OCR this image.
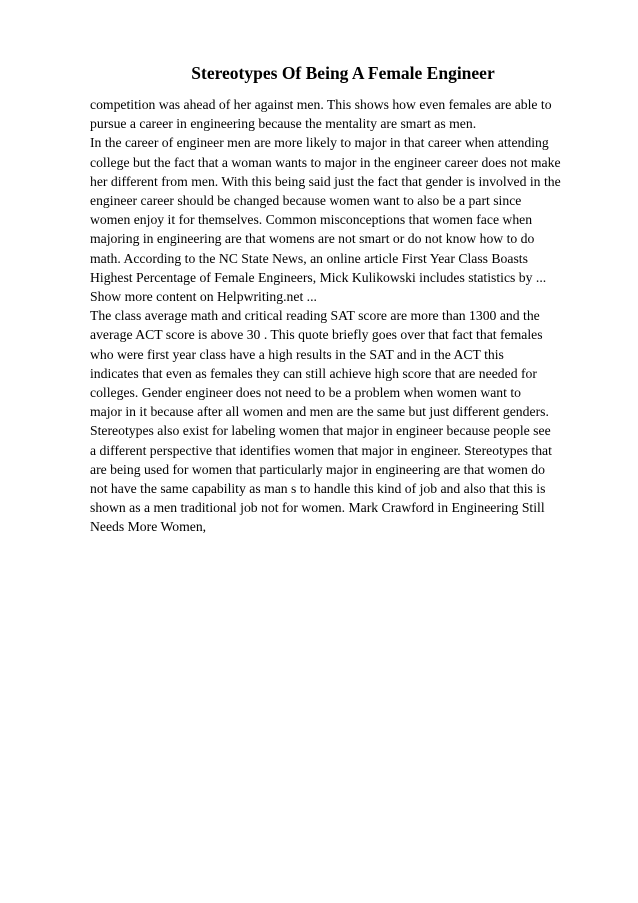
Stereotypes Of Being A Female Engineer
competition was ahead of her against men. This shows how even females are able to
pursue a career in engineering because the mentality are smart as men.
In the career of engineer men are more likely to major in that career when attending
college but the fact that a woman wants to major in the engineer career does not make
her different from men. With this being said just the fact that gender is involved in the
engineer career should be changed because women want to also be a part since
women enjoy it for themselves. Common misconceptions that women face when
majoring in engineering are that womens are not smart or do not know how to do
math. According to the NC State News, an online article First Year Class Boasts
Highest Percentage of Female Engineers, Mick Kulikowski includes statistics by ...
Show more content on Helpwriting.net ...
The class average math and critical reading SAT score are more than 1300 and the
average ACT score is above 30 . This quote briefly goes over that fact that females
who were first year class have a high results in the SAT and in the ACT this
indicates that even as females they can still achieve high score that are needed for
colleges. Gender engineer does not need to be a problem when women want to
major in it because after all women and men are the same but just different genders.
Stereotypes also exist for labeling women that major in engineer because people see
a different perspective that identifies women that major in engineer. Stereotypes that
are being used for women that particularly major in engineering are that women do
not have the same capability as man s to handle this kind of job and also that this is
shown as a men traditional job not for women. Mark Crawford in Engineering Still
Needs More Women,
